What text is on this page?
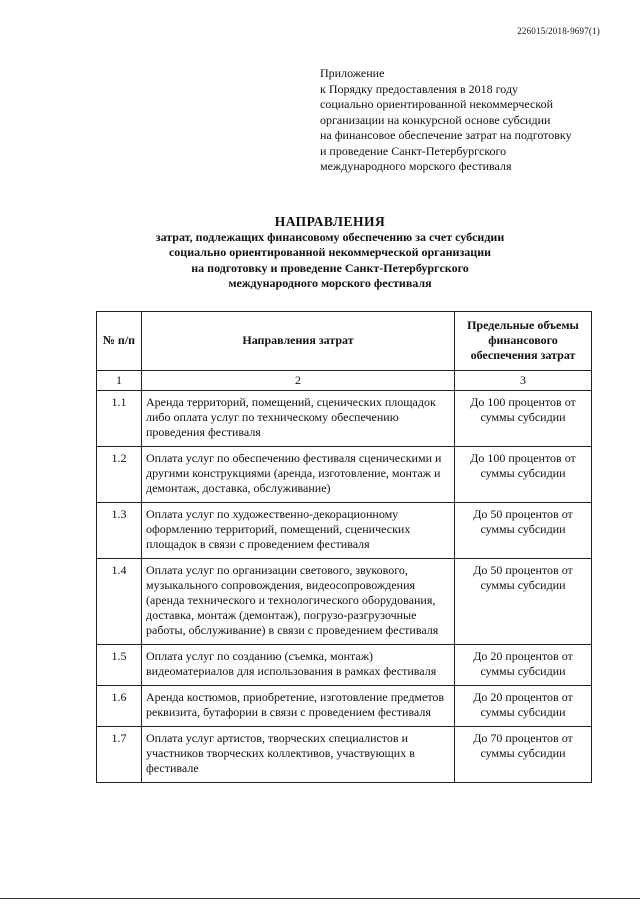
226015/2018-9697(1)
Приложение
к Порядку предоставления в 2018 году
социально ориентированной некоммерческой
организации на конкурсной основе субсидии
на финансовое обеспечение затрат на подготовку
и проведение Санкт-Петербургского
международного морского фестиваля
НАПРАВЛЕНИЯ
затрат, подлежащих финансовому обеспечению за счет субсидии
социально ориентированной некоммерческой организации
на подготовку и проведение Санкт-Петербургского
международного морского фестиваля
№ п/п	Направления затрат	Предельные объемы финансового обеспечения затрат
1	2	3
1.1	Аренда территорий, помещений, сценических площадок либо оплата услуг по техническому обеспечению проведения фестиваля	До 100 процентов от суммы субсидии
1.2	Оплата услуг по обеспечению фестиваля сценическими и другими конструкциями (аренда, изготовление, монтаж и демонтаж, доставка, обслуживание)	До 100 процентов от суммы субсидии
1.3	Оплата услуг по художественно-декорационному оформлению территорий, помещений, сценических площадок в связи с проведением фестиваля	До 50 процентов от суммы субсидии
1.4	Оплата услуг по организации светового, звукового, музыкального сопровождения, видеосопровождения (аренда технического и технологического оборудования, доставка, монтаж (демонтаж), погрузо-разгрузочные работы, обслуживание) в связи с проведением фестиваля	До 50 процентов от суммы субсидии
1.5	Оплата услуг по созданию (съемка, монтаж) видеоматериалов для использования в рамках фестиваля	До 20 процентов от суммы субсидии
1.6	Аренда костюмов, приобретение, изготовление предметов реквизита, бутафории в связи с проведением фестиваля	До 20 процентов от суммы субсидии
1.7	Оплата услуг артистов, творческих специалистов и участников творческих коллективов, участвующих в фестивале	До 70 процентов от суммы субсидии
